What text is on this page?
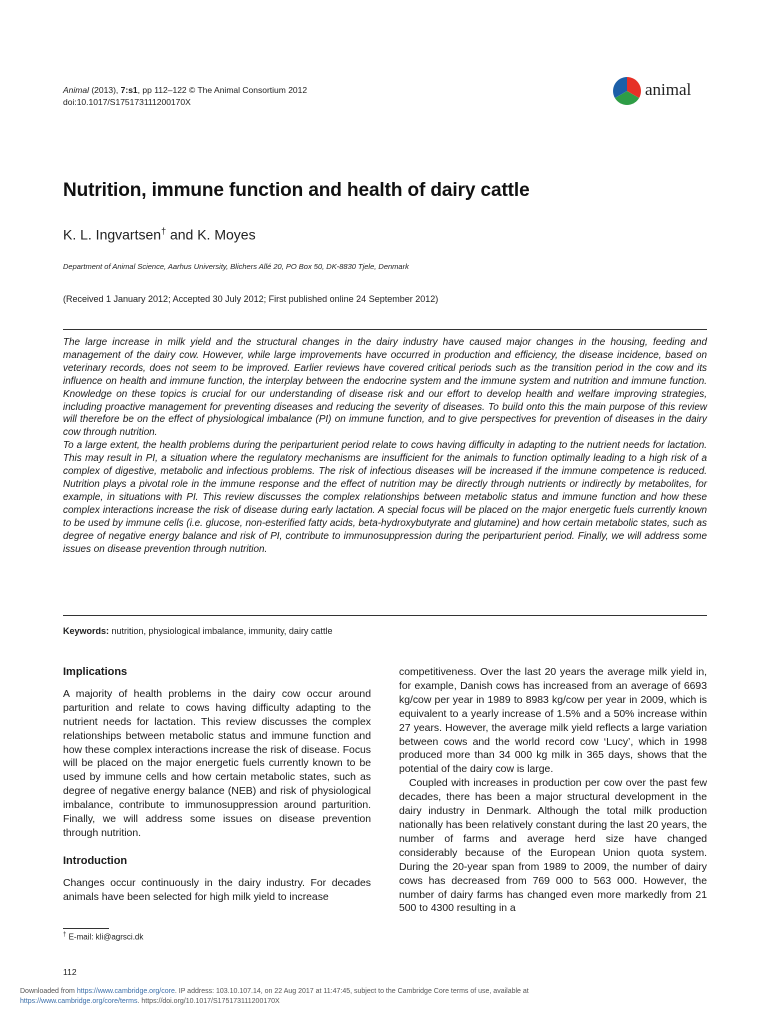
Animal (2013), 7:s1, pp 112–122 © The Animal Consortium 2012
doi:10.1017/S175173111200170X
animal
Nutrition, immune function and health of dairy cattle
K. L. Ingvartsen† and K. Moyes
Department of Animal Science, Aarhus University, Blichers Allé 20, PO Box 50, DK-8830 Tjele, Denmark
(Received 1 January 2012; Accepted 30 July 2012; First published online 24 September 2012)

The large increase in milk yield and the structural changes in the dairy industry have caused major changes in the housing, feeding and management of the dairy cow. However, while large improvements have occurred in production and efficiency, the disease incidence, based on veterinary records, does not seem to be improved. Earlier reviews have covered critical periods such as the transition period in the cow and its influence on health and immune function, the interplay between the endocrine system and the immune system and nutrition and immune function. Knowledge on these topics is crucial for our understanding of disease risk and our effort to develop health and welfare improving strategies, including proactive management for preventing diseases and reducing the severity of diseases. To build onto this the main purpose of this review will therefore be on the effect of physiological imbalance (PI) on immune function, and to give perspectives for prevention of diseases in the dairy cow through nutrition.

To a large extent, the health problems during the periparturient period relate to cows having difficulty in adapting to the nutrient needs for lactation. This may result in PI, a situation where the regulatory mechanisms are insufficient for the animals to function optimally leading to a high risk of a complex of digestive, metabolic and infectious problems. The risk of infectious diseases will be increased if the immune competence is reduced. Nutrition plays a pivotal role in the immune response and the effect of nutrition may be directly through nutrients or indirectly by metabolites, for example, in situations with PI. This review discusses the complex relationships between metabolic status and immune function and how these complex interactions increase the risk of disease during early lactation. A special focus will be placed on the major energetic fuels currently known to be used by immune cells (i.e. glucose, non-esterified fatty acids, beta-hydroxybutyrate and glutamine) and how certain metabolic states, such as degree of negative energy balance and risk of PI, contribute to immunosuppression during the periparturient period. Finally, we will address some issues on disease prevention through nutrition.

Keywords: nutrition, physiological imbalance, immunity, dairy cattle
Implications

A majority of health problems in the dairy cow occur around parturition and relate to cows having difficulty adapting to the nutrient needs for lactation. This review discusses the complex relationships between metabolic status and immune function and how these complex interactions increase the risk of disease. Focus will be placed on the major energetic fuels currently known to be used by immune cells and how certain metabolic states, such as degree of negative energy balance (NEB) and risk of physiological imbalance, contribute to immunosuppression around parturition. Finally, we will address some issues on disease prevention through nutrition.

Introduction

Changes occur continuously in the dairy industry. For decades animals have been selected for high milk yield to increase

competitiveness. Over the last 20 years the average milk yield in, for example, Danish cows has increased from an average of 6693 kg/cow per year in 1989 to 8983 kg/cow per year in 2009, which is equivalent to a yearly increase of 1.5% and a 50% increase within 27 years. However, the average milk yield reflects a large variation between cows and the world record cow ‘Lucy’, which in 1998 produced more than 34 000 kg milk in 365 days, shows that the potential of the dairy cow is large.

Coupled with increases in production per cow over the past few decades, there has been a major structural development in the dairy industry in Denmark. Although the total milk production nationally has been relatively constant during the last 20 years, the number of farms and average herd size have changed considerably because of the European Union quota system. During the 20-year span from 1989 to 2009, the number of dairy cows has decreased from 769 000 to 563 000. However, the number of dairy farms has changed even more markedly from 21 500 to 4300 resulting in a

† E-mail: kli@agrsci.dk
112
Downloaded from https://www.cambridge.org/core. IP address: 103.10.107.14, on 22 Aug 2017 at 11:47:45, subject to the Cambridge Core terms of use, available at
https://www.cambridge.org/core/terms. https://doi.org/10.1017/S175173111200170X
